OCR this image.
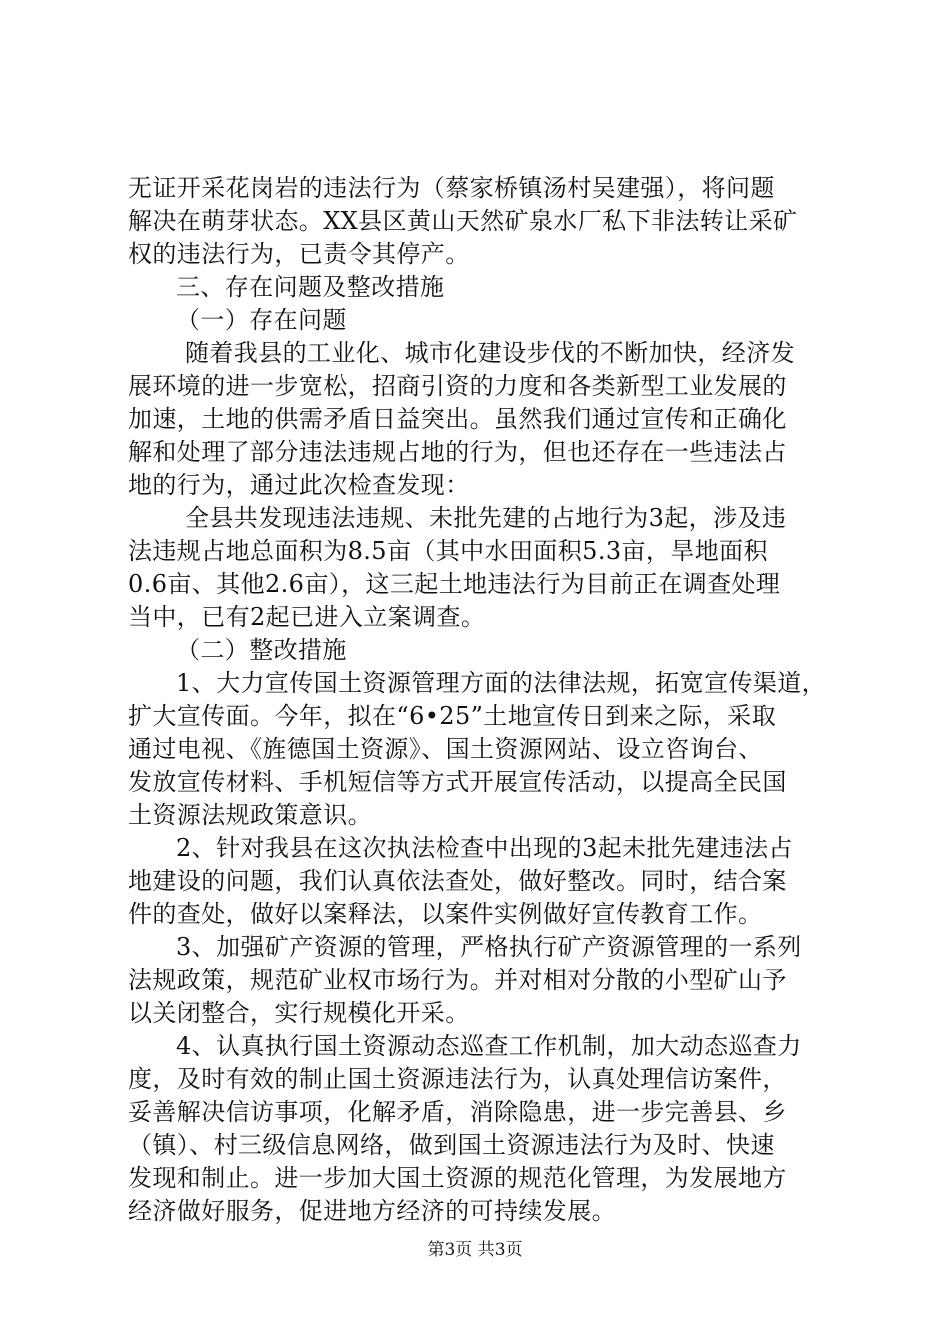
无证开采花岗岩的违法行为（蔡家桥镇汤村吴建强），将问题
解决在萌芽状态。XX县区黄山天然矿泉水厂私下非法转让采矿
权的违法行为，已责令其停产。
三、存在问题及整改措施
（一）存在问题
随着我县的工业化、城市化建设步伐的不断加快，经济发
展环境的进一步宽松，招商引资的力度和各类新型工业发展的
加速，土地的供需矛盾日益突出。虽然我们通过宣传和正确化
解和处理了部分违法违规占地的行为，但也还存在一些违法占
地的行为，通过此次检查发现：
全县共发现违法违规、未批先建的占地行为3起，涉及违
法违规占地总面积为8.5亩（其中水田面积5.3亩，旱地面积
0.6亩、其他2.6亩），这三起土地违法行为目前正在调查处理
当中，已有2起已进入立案调查。
（二）整改措施
1、大力宣传国土资源管理方面的法律法规，拓宽宣传渠道，
扩大宣传面。今年，拟在“6•25”土地宣传日到来之际，采取
通过电视、《旌德国土资源》、国土资源网站、设立咨询台、
发放宣传材料、手机短信等方式开展宣传活动，以提高全民国
土资源法规政策意识。
2、针对我县在这次执法检查中出现的3起未批先建违法占
地建设的问题，我们认真依法查处，做好整改。同时，结合案
件的查处，做好以案释法，以案件实例做好宣传教育工作。
3、加强矿产资源的管理，严格执行矿产资源管理的一系列
法规政策，规范矿业权市场行为。并对相对分散的小型矿山予
以关闭整合，实行规模化开采。
4、认真执行国土资源动态巡查工作机制，加大动态巡查力
度，及时有效的制止国土资源违法行为，认真处理信访案件，
妥善解决信访事项，化解矛盾，消除隐患，进一步完善县、乡
（镇）、村三级信息网络，做到国土资源违法行为及时、快速
发现和制止。进一步加大国土资源的规范化管理，为发展地方
经济做好服务，促进地方经济的可持续发展。
第3页 共3页
